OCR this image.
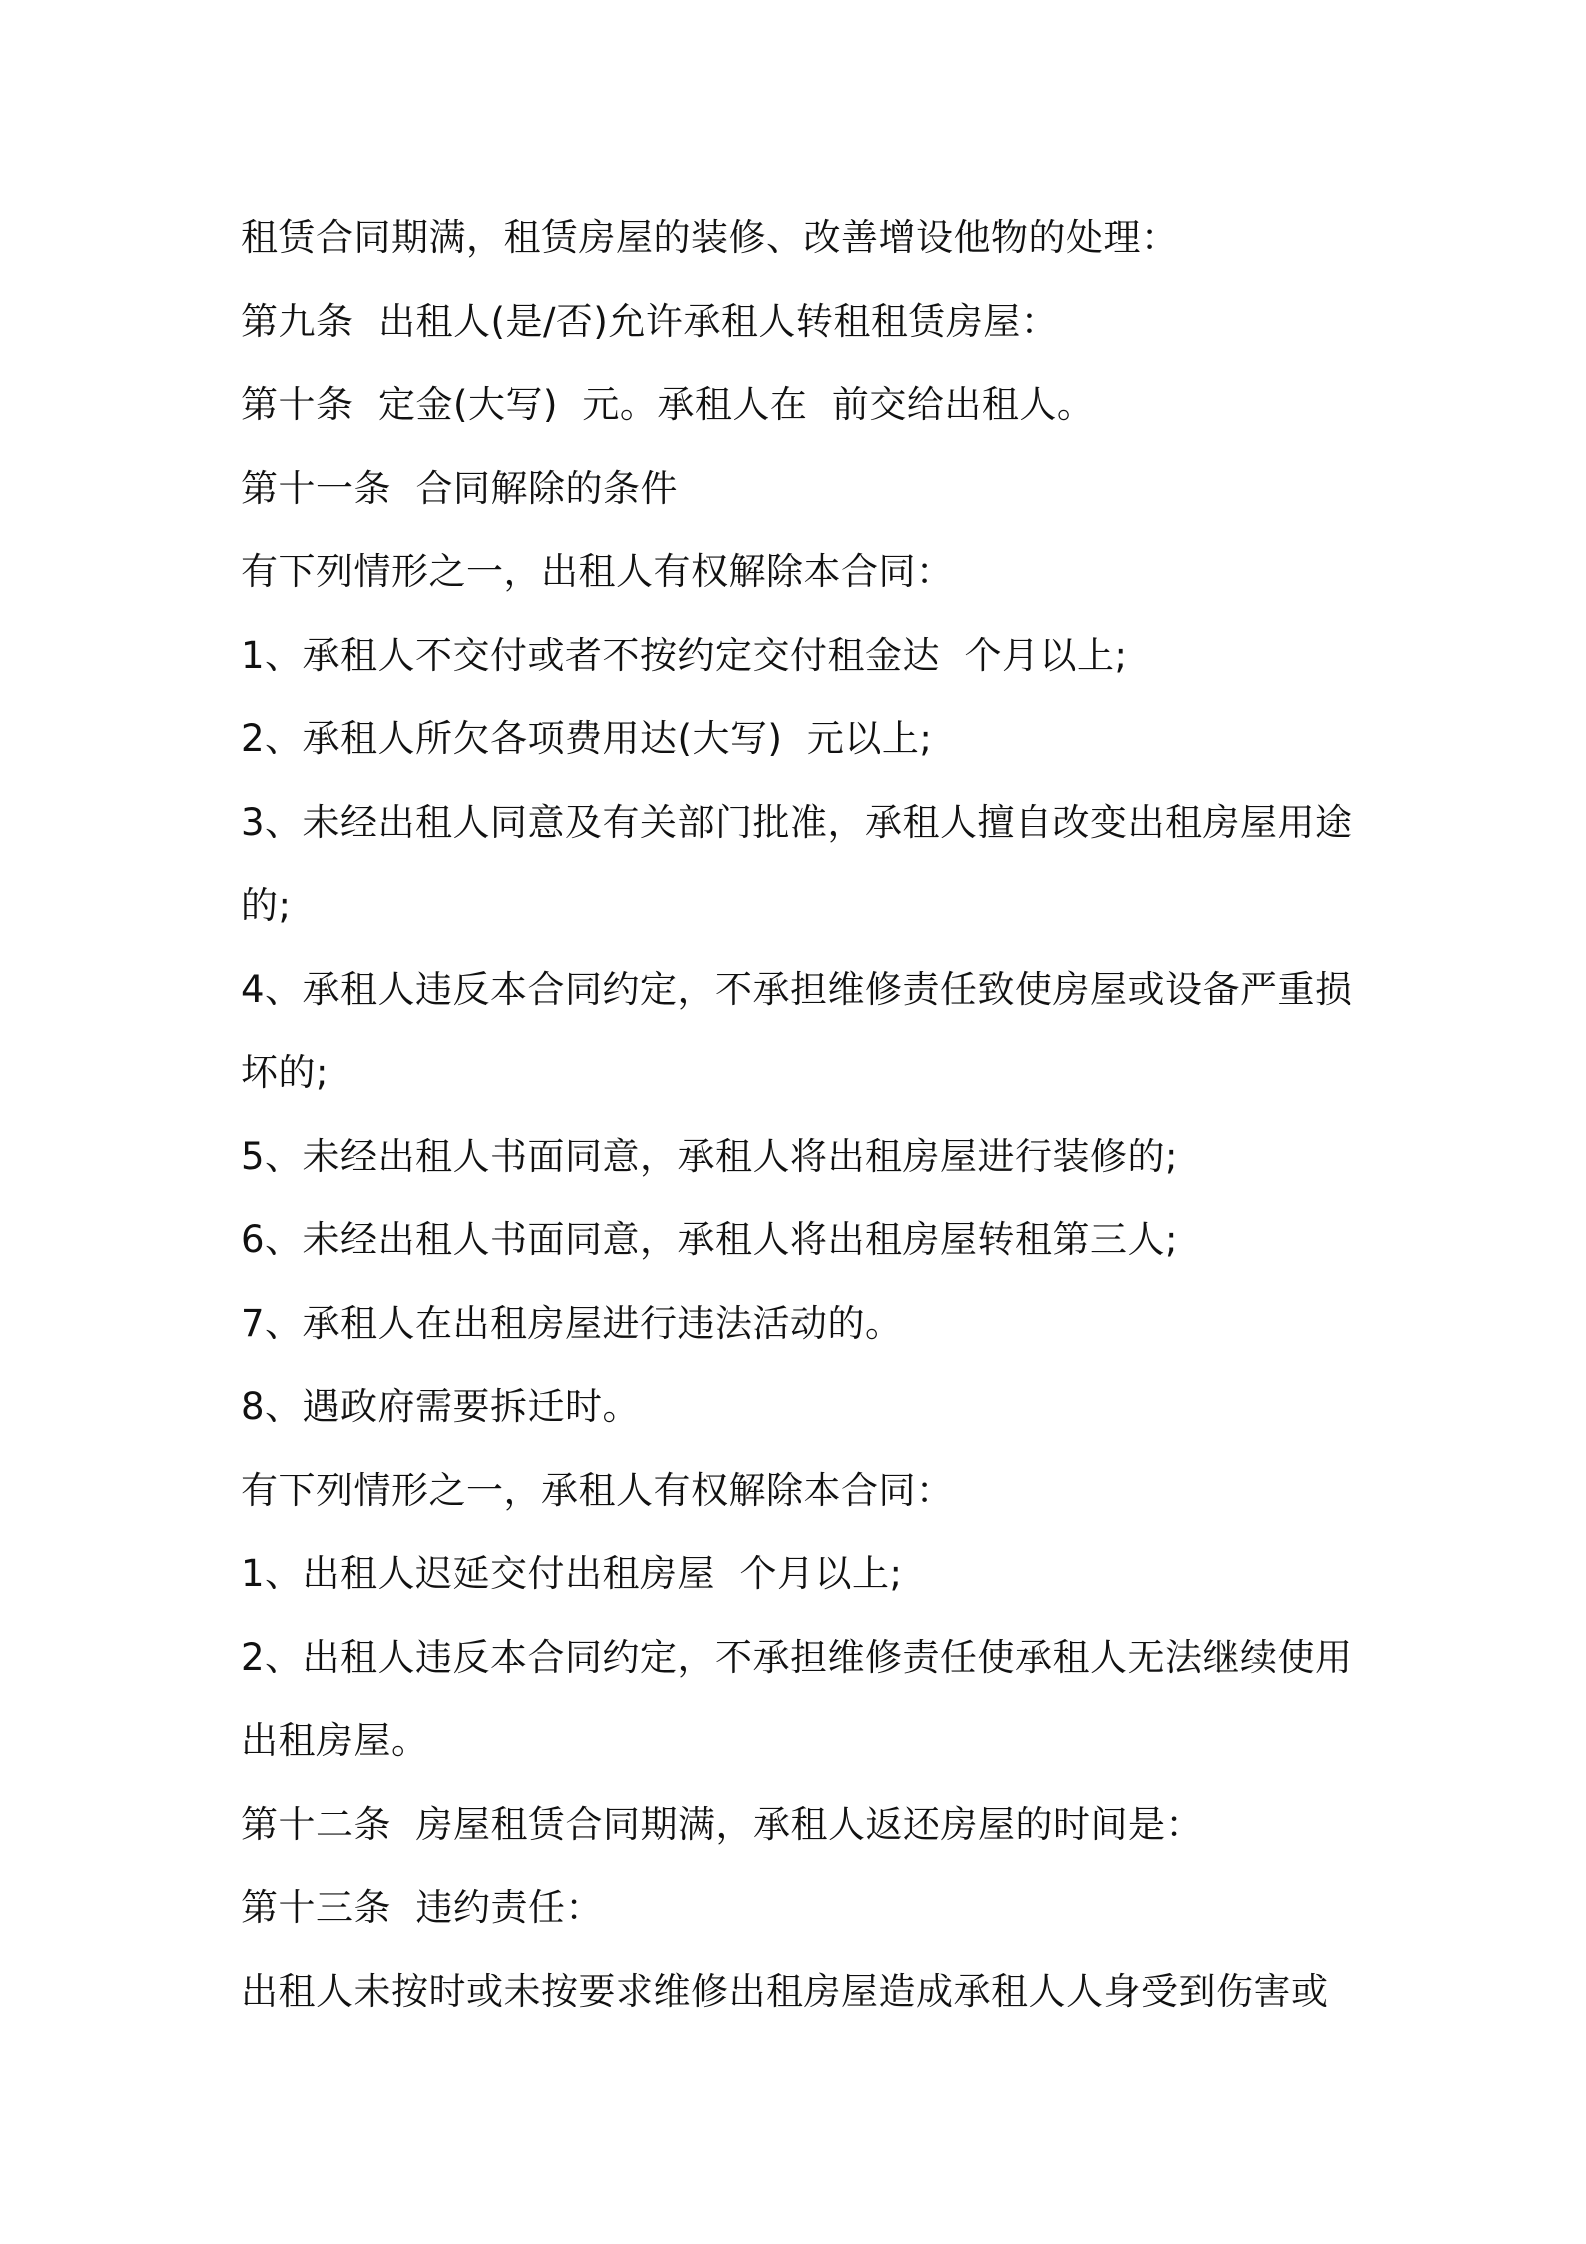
租赁合同期满，租赁房屋的装修、改善增设他物的处理：
第九条  出租人(是/否)允许承租人转租租赁房屋：
第十条  定金(大写)  元。承租人在  前交给出租人。
第十一条  合同解除的条件
有下列情形之一，出租人有权解除本合同：
1、承租人不交付或者不按约定交付租金达  个月以上;
2、承租人所欠各项费用达(大写)  元以上;
3、未经出租人同意及有关部门批准，承租人擅自改变出租房屋用途
的;
4、承租人违反本合同约定，不承担维修责任致使房屋或设备严重损
坏的;
5、未经出租人书面同意，承租人将出租房屋进行装修的;
6、未经出租人书面同意，承租人将出租房屋转租第三人;
7、承租人在出租房屋进行违法活动的。
8、遇政府需要拆迁时。
有下列情形之一，承租人有权解除本合同：
1、出租人迟延交付出租房屋  个月以上;
2、出租人违反本合同约定，不承担维修责任使承租人无法继续使用
出租房屋。
第十二条  房屋租赁合同期满，承租人返还房屋的时间是：
第十三条  违约责任：
出租人未按时或未按要求维修出租房屋造成承租人人身受到伤害或
